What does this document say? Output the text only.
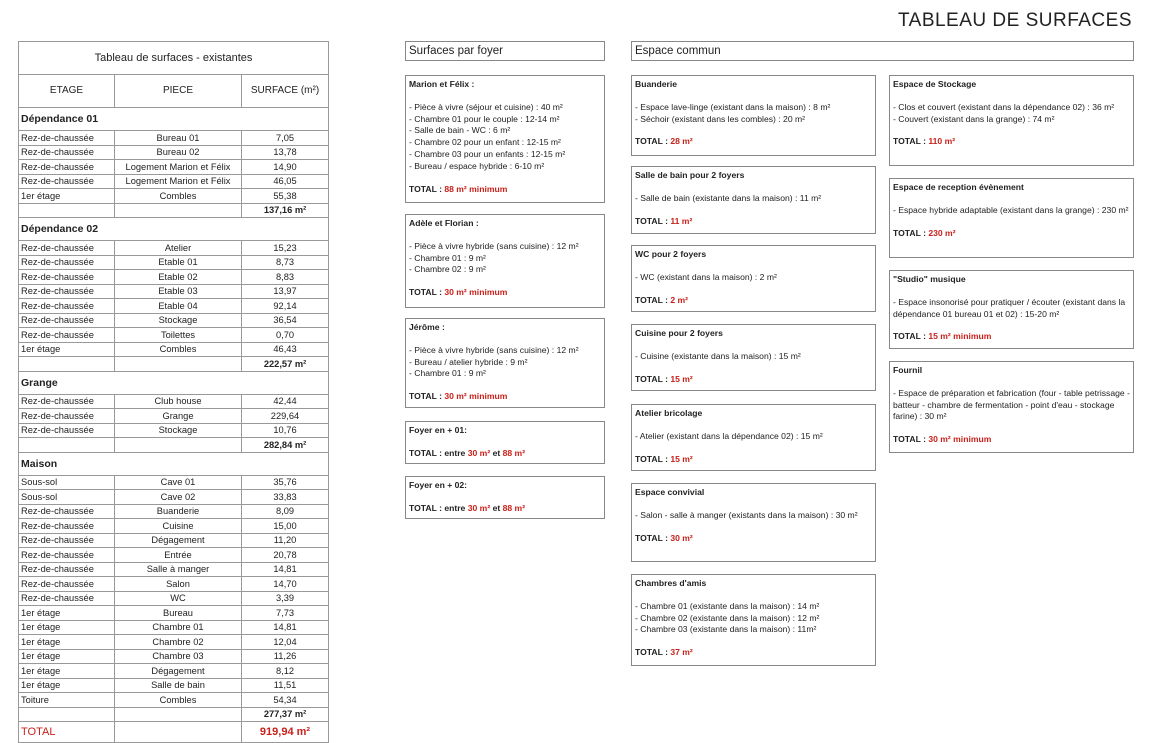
TABLEAU DE SURFACES
Tableau de surfaces - existantes		
ETAGE	PIECE	SURFACE (m²)
Dépendance 01		
Rez-de-chaussée	Bureau 01	7,05
Rez-de-chaussée	Bureau 02	13,78
Rez-de-chaussée	Logement Marion et Félix	14,90
Rez-de-chaussée	Logement Marion et Félix	46,05
1er étage	Combles	55,38
		137,16 m²
Dépendance 02		
Rez-de-chaussée	Atelier	15,23
Rez-de-chaussée	Etable 01	8,73
Rez-de-chaussée	Etable 02	8,83
Rez-de-chaussée	Etable 03	13,97
Rez-de-chaussée	Etable 04	92,14
Rez-de-chaussée	Stockage	36,54
Rez-de-chaussée	Toilettes	0,70
1er étage	Combles	46,43
		222,57 m²
Grange		
Rez-de-chaussée	Club house	42,44
Rez-de-chaussée	Grange	229,64
Rez-de-chaussée	Stockage	10,76
		282,84 m²
Maison		
Sous-sol	Cave 01	35,76
Sous-sol	Cave 02	33,83
Rez-de-chaussée	Buanderie	8,09
Rez-de-chaussée	Cuisine	15,00
Rez-de-chaussée	Dégagement	11,20
Rez-de-chaussée	Entrée	20,78
Rez-de-chaussée	Salle à manger	14,81
Rez-de-chaussée	Salon	14,70
Rez-de-chaussée	WC	3,39
1er étage	Bureau	7,73
1er étage	Chambre 01	14,81
1er étage	Chambre 02	12,04
1er étage	Chambre 03	11,26
1er étage	Dégagement	8,12
1er étage	Salle de bain	11,51
Toiture	Combles	54,34
		277,37 m²
TOTAL		919,94 m²
Surfaces par foyer	Espace commun
Marion et Félix :
- Pièce à vivre (séjour et cuisine) : 40 m²
- Chambre 01 pour le couple : 12-14 m²
- Salle de bain - WC : 6 m²
- Chambre 02 pour un enfant : 12-15 m²
- Chambre 03 pour un enfants : 12-15 m²
- Bureau / espace hybride : 6-10 m²
TOTAL : 88 m² minimum
Adèle et Florian :
- Pièce à vivre hybride (sans cuisine) : 12 m²
- Chambre 01 : 9 m²
- Chambre 02 : 9 m²
TOTAL : 30 m² minimum
Jérôme :
- Pièce à vivre hybride (sans cuisine) : 12 m²
- Bureau / atelier hybride : 9 m²
- Chambre 01 : 9 m²
TOTAL : 30 m² minimum
Foyer en + 01:
TOTAL : entre 30 m² et 88 m²
Foyer en + 02:
TOTAL : entre 30 m² et 88 m²
Buanderie
- Espace lave-linge (existant dans la maison) : 8 m²
- Séchoir (existant dans les combles) : 20 m²
TOTAL : 28 m²
Salle de bain pour 2 foyers
- Salle de bain (existante dans la maison) : 11 m²
TOTAL : 11 m²
WC pour 2 foyers
- WC (existant dans la maison) : 2 m²
TOTAL : 2 m²
Cuisine pour 2 foyers
- Cuisine (existante dans la maison) : 15 m²
TOTAL : 15 m²
Atelier bricolage
- Atelier (existant dans la dépendance 02) : 15 m²
TOTAL : 15 m²
Espace convivial
- Salon - salle à manger (existants dans la maison) : 30 m²
TOTAL : 30 m²
Chambres d'amis
- Chambre 01 (existante dans la maison) : 14 m²
- Chambre 02 (existante dans la maison) : 12 m²
- Chambre 03 (existante dans la maison) : 11m²
TOTAL : 37 m²
Espace de Stockage
- Clos et couvert (existant dans la dépendance 02) : 36 m²
- Couvert (existant dans la grange) : 74 m²
TOTAL : 110 m²
Espace de reception évènement
- Espace hybride adaptable (existant dans la grange) : 230 m²
TOTAL : 230 m²
"Studio" musique
- Espace insonorisé pour pratiquer / écouter (existant dans la dépendance 01 bureau 01 et 02) : 15-20 m²
TOTAL : 15 m² minimum
Fournil
- Espace de préparation et fabrication (four - table petrissage - batteur - chambre de fermentation - point d'eau - stockage farine) : 30 m²
TOTAL : 30 m² minimum
